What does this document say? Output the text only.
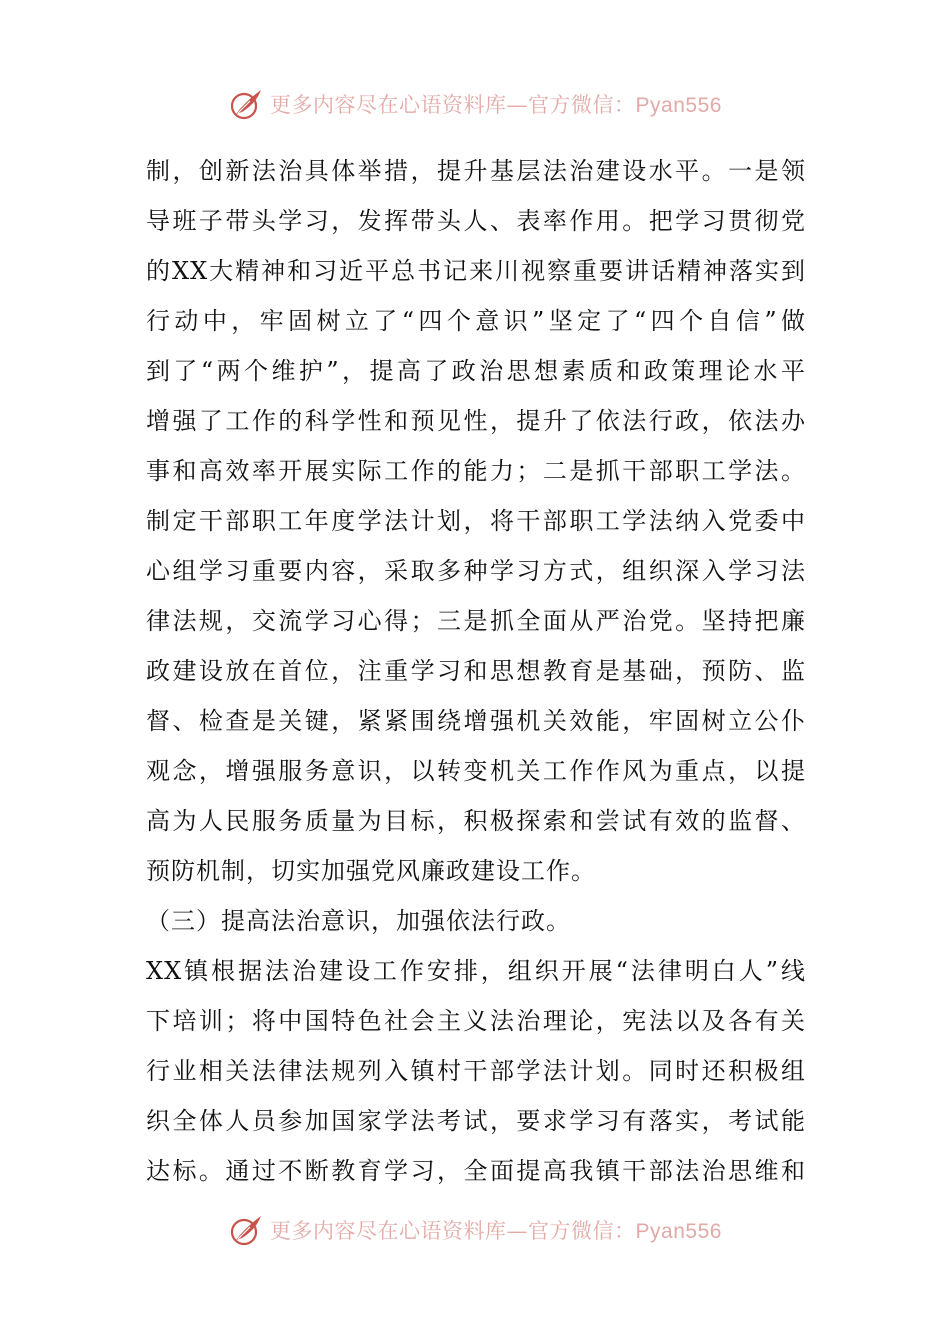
更多内容尽在心语资料库—官方微信：Pyan556
制，创新法治具体举措，提升基层法治建设水平。一是领
导班子带头学习，发挥带头人、表率作用。把学习贯彻党
的XX大精神和习近平总书记来川视察重要讲话精神落实到
行动中，牢固树立了“四个意识”坚定了“四个自信”做
到了“两个维护”，提高了政治思想素质和政策理论水平
增强了工作的科学性和预见性，提升了依法行政，依法办
事和高效率开展实际工作的能力；二是抓干部职工学法。
制定干部职工年度学法计划，将干部职工学法纳入党委中
心组学习重要内容，采取多种学习方式，组织深入学习法
律法规，交流学习心得；三是抓全面从严治党。坚持把廉
政建设放在首位，注重学习和思想教育是基础，预防、监
督、检查是关键，紧紧围绕增强机关效能，牢固树立公仆
观念，增强服务意识，以转变机关工作作风为重点，以提
高为人民服务质量为目标，积极探索和尝试有效的监督、
预防机制，切实加强党风廉政建设工作。
（三）提高法治意识，加强依法行政。
XX镇根据法治建设工作安排，组织开展“法律明白人”线
下培训；将中国特色社会主义法治理论，宪法以及各有关
行业相关法律法规列入镇村干部学法计划。同时还积极组
织全体人员参加国家学法考试，要求学习有落实，考试能
达标。通过不断教育学习，全面提高我镇干部法治思维和
更多内容尽在心语资料库—官方微信：Pyan556
